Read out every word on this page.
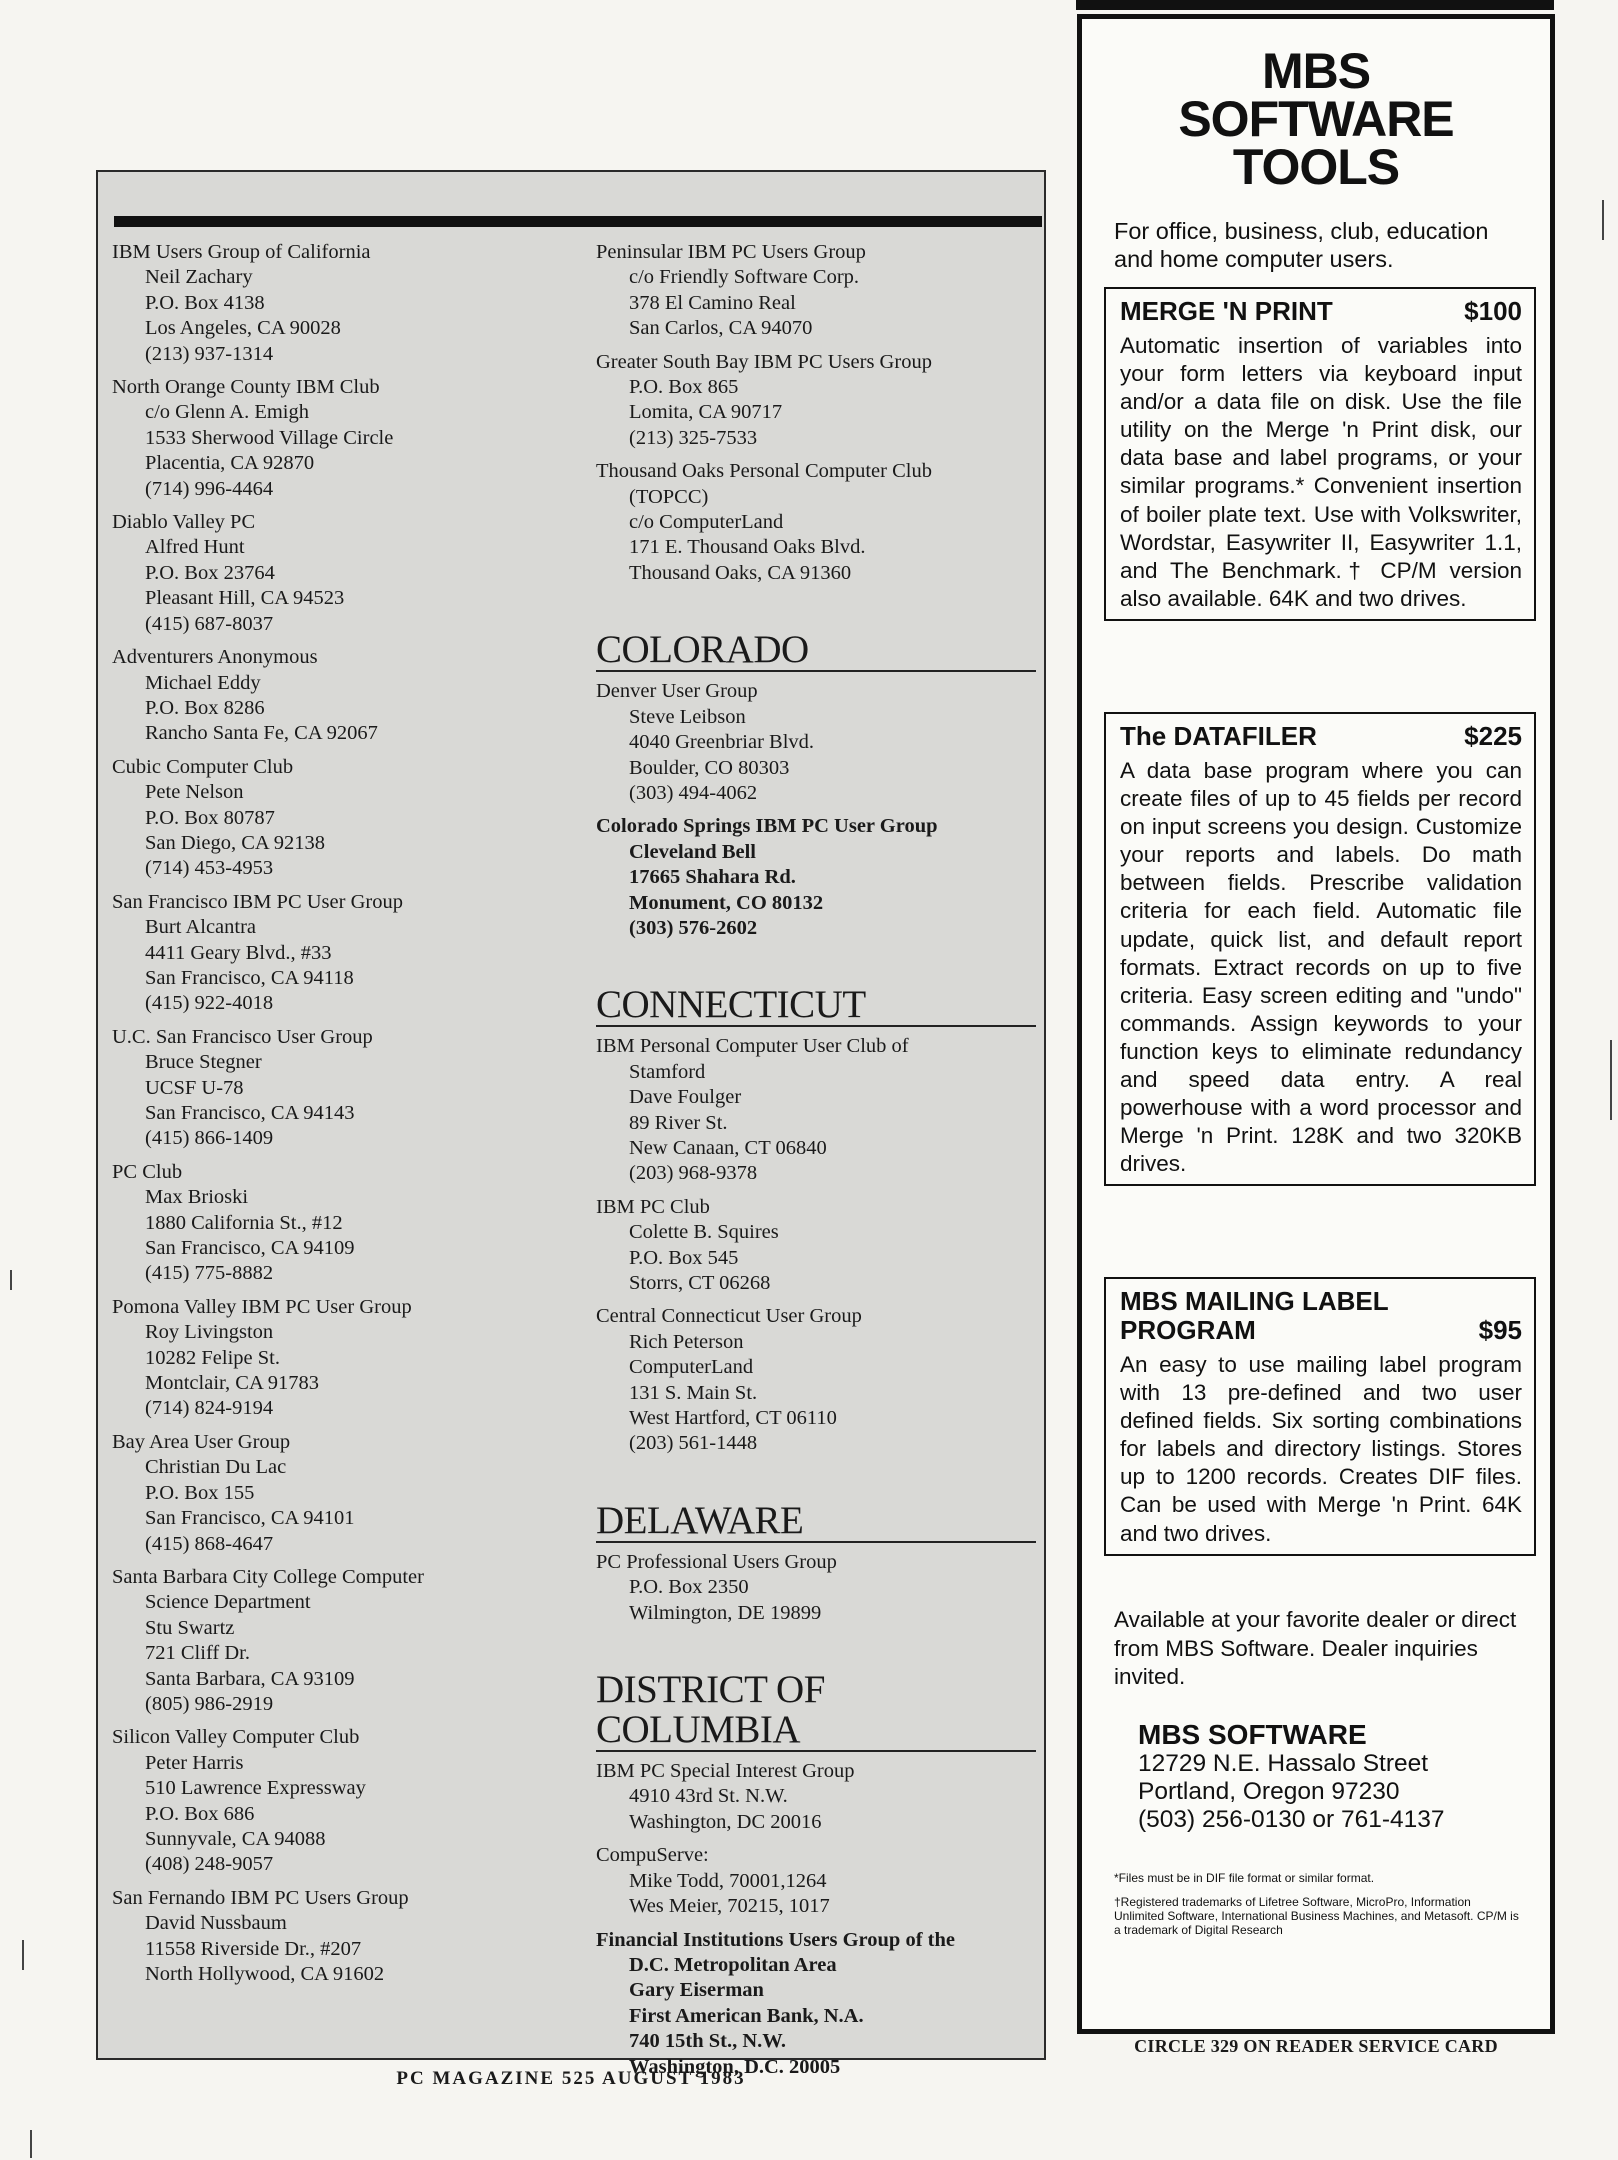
IBM Users Group of California
Neil Zachary
P.O. Box 4138
Los Angeles, CA 90028
(213) 937-1314
North Orange County IBM Club
c/o Glenn A. Emigh
1533 Sherwood Village Circle
Placentia, CA 92870
(714) 996-4464
Diablo Valley PC
Alfred Hunt
P.O. Box 23764
Pleasant Hill, CA 94523
(415) 687-8037
Adventurers Anonymous
Michael Eddy
P.O. Box 8286
Rancho Santa Fe, CA 92067
Cubic Computer Club
Pete Nelson
P.O. Box 80787
San Diego, CA 92138
(714) 453-4953
San Francisco IBM PC User Group
Burt Alcantra
4411 Geary Blvd., #33
San Francisco, CA 94118
(415) 922-4018
U.C. San Francisco User Group
Bruce Stegner
UCSF U-78
San Francisco, CA 94143
(415) 866-1409
PC Club
Max Brioski
1880 California St., #12
San Francisco, CA 94109
(415) 775-8882
Pomona Valley IBM PC User Group
Roy Livingston
10282 Felipe St.
Montclair, CA 91783
(714) 824-9194
Bay Area User Group
Christian Du Lac
P.O. Box 155
San Francisco, CA 94101
(415) 868-4647
Santa Barbara City College Computer
Science Department
Stu Swartz
721 Cliff Dr.
Santa Barbara, CA 93109
(805) 986-2919
Silicon Valley Computer Club
Peter Harris
510 Lawrence Expressway
P.O. Box 686
Sunnyvale, CA 94088
(408) 248-9057
San Fernando IBM PC Users Group
David Nussbaum
11558 Riverside Dr., #207
North Hollywood, CA 91602
Peninsular IBM PC Users Group
c/o Friendly Software Corp.
378 El Camino Real
San Carlos, CA 94070
Greater South Bay IBM PC Users Group
P.O. Box 865
Lomita, CA 90717
(213) 325-7533
Thousand Oaks Personal Computer Club
(TOPCC)
c/o ComputerLand
171 E. Thousand Oaks Blvd.
Thousand Oaks, CA 91360
COLORADO
Denver User Group
Steve Leibson
4040 Greenbriar Blvd.
Boulder, CO 80303
(303) 494-4062
Colorado Springs IBM PC User Group
Cleveland Bell
17665 Shahara Rd.
Monument, CO 80132
(303) 576-2602
CONNECTICUT
IBM Personal Computer User Club of
Stamford
Dave Foulger
89 River St.
New Canaan, CT 06840
(203) 968-9378
IBM PC Club
Colette B. Squires
P.O. Box 545
Storrs, CT 06268
Central Connecticut User Group
Rich Peterson
ComputerLand
131 S. Main St.
West Hartford, CT 06110
(203) 561-1448
DELAWARE
PC Professional Users Group
P.O. Box 2350
Wilmington, DE 19899
DISTRICT OF COLUMBIA
IBM PC Special Interest Group
4910 43rd St. N.W.
Washington, DC 20016
CompuServe:
Mike Todd, 70001,1264
Wes Meier, 70215, 1017
Financial Institutions Users Group of the
D.C. Metropolitan Area
Gary Eiserman
First American Bank, N.A.
740 15th St., N.W.
Washington, D.C. 20005
MBS
SOFTWARE
TOOLS
For office, business, club, education and home computer users.
MERGE 'N PRINT	$100
Automatic insertion of variables into your form letters via keyboard input and/or a data file on disk. Use the file utility on the Merge 'n Print disk, our data base and label programs, or your similar programs.* Convenient insertion of boiler plate text. Use with Volkswriter, Wordstar, Easywriter II, Easywriter 1.1, and The Benchmark.† CP/M version also available. 64K and two drives.
The DATAFILER	$225
A data base program where you can create files of up to 45 fields per record on input screens you design. Customize your reports and labels. Do math between fields. Prescribe validation criteria for each field. Automatic file update, quick list, and default report formats. Extract records on up to five criteria. Easy screen editing and "undo" commands. Assign keywords to your function keys to eliminate redundancy and speed data entry. A real powerhouse with a word processor and Merge 'n Print. 128K and two 320KB drives.
MBS MAILING LABEL PROGRAM	$95
An easy to use mailing label program with 13 pre-defined and two user defined fields. Six sorting combinations for labels and directory listings. Stores up to 1200 records. Creates DIF files. Can be used with Merge 'n Print. 64K and two drives.
Available at your favorite dealer or direct from MBS Software. Dealer inquiries invited.
MBS SOFTWARE
12729 N.E. Hassalo Street
Portland, Oregon 97230
(503) 256-0130 or 761-4137
*Files must be in DIF file format or similar format.
†Registered trademarks of Lifetree Software, MicroPro, Information Unlimited Software, International Business Machines, and Metasoft. CP/M is a trademark of Digital Research
CIRCLE 329 ON READER SERVICE CARD
PC MAGAZINE 525 AUGUST 1983
